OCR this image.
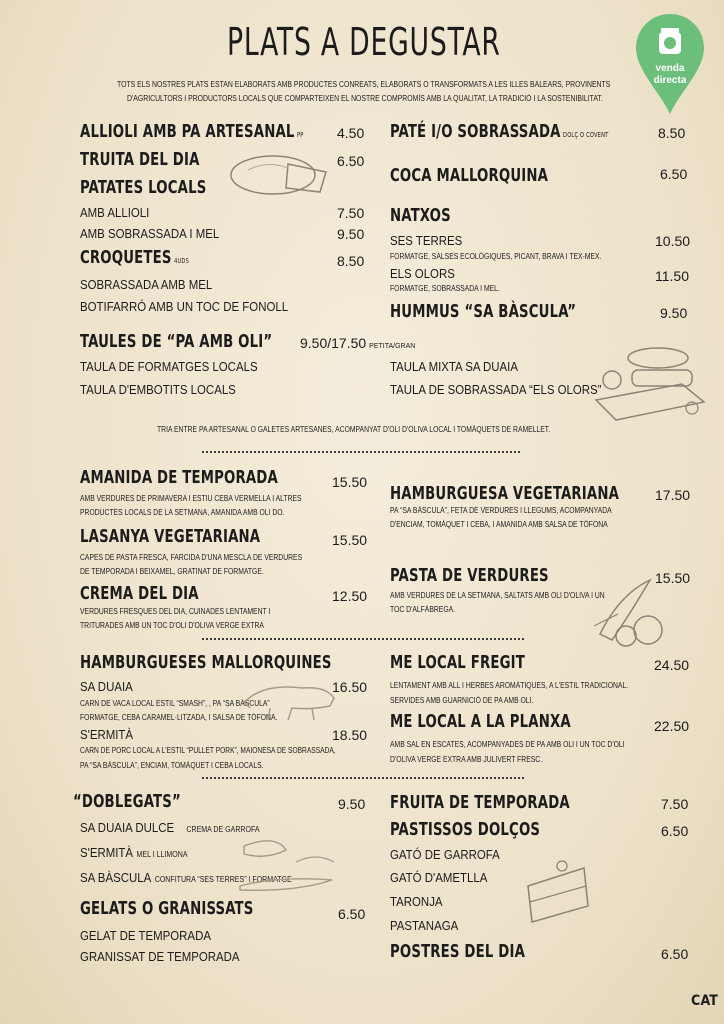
PLATS A DEGUSTAR
TOTS ELS NOSTRES PLATS ESTAN ELABORATS AMB PRODUCTES CONREATS, ELABORATS O TRANSFORMATS A LES ILLES BALEARS, PROVINENTS
D'AGRICULTORS I PRODUCTORS LOCALS QUE COMPARTEIXEN EL NOSTRE COMPROMÍS AMB LA QUALITAT, LA TRADICIÓ I LA SOSTENIBILITAT.
venda
directa
ALLIOLI AMB PA ARTESANAL PP 4.50
TRUITA DEL DIA	6.50
PATATES LOCALS
AMB ALLIOLI	7.50
AMB SOBRASSADA I MEL	9.50
CROQUETES 4UDS	8.50
SOBRASSADA AMB MEL
BOTIFARRÓ AMB UN TOC DE FONOLL
PATÉ I/O SOBRASSADA DOLÇ O COVENT	8.50
COCA MALLORQUINA	6.50
NATXOS
SES TERRES	10.50
FORMATGE, SALSES ECOLÒGIQUES, PICANT, BRAVA I TEX-MEX.
ELS OLORS	11.50
FORMATGE, SOBRASSADA I MEL.
HUMMUS “SA BÀSCULA”	9.50
TAULES DE “PA AMB OLI” 9.50/17.50 PETITA/GRAN
TAULA DE FORMATGES LOCALS
TAULA D'EMBOTITS LOCALS
TAULA MIXTA SA DUAIA
TAULA DE SOBRASSADA “ELS OLORS”
TRIA ENTRE PA ARTESANAL O GALETES ARTESANES, ACOMPANYAT D'OLI D'OLIVA LOCAL I TOMÀQUETS DE RAMELLET.
AMANIDA DE TEMPORADA	15.50
AMB VERDURES DE PRIMAVERA I ESTIU CEBA VERMELLA I ALTRES
PRODUCTES LOCALS DE LA SETMANA, AMANIDA AMB OLI DO.
LASANYA VEGETARIANA	15.50
CAPES DE PASTA FRESCA, FARCIDA D'UNA MESCLA DE VERDURES
DE TEMPORADA I BEIXAMEL, GRATINAT DE FORMATGE.
CREMA DEL DIA	12.50
VERDURES FRESQUES DEL DIA, CUINADES LENTAMENT I
TRITURADES AMB UN TOC D'OLI D'OLIVA VERGE EXTRA
HAMBURGUESA VEGETARIANA	17.50
PA “SA BÀSCULA”, FETA DE VERDURES I LLEGUMS, ACOMPANYADA
D'ENCIAM, TOMÀQUET I CEBA, I AMANIDA AMB SALSA DE TÒFONA
PASTA DE VERDURES	15.50
AMB VERDURES DE LA SETMANA, SALTATS AMB OLI D'OLIVA I UN
TOC D'ALFÀBREGA.
HAMBURGUESES MALLORQUINES
SA DUAIA	16.50
CARN DE VACA LOCAL ESTIL “SMASH”, , PA “SA BÀSCULA”
FORMATGE, CEBA CARAMEL·LITZADA, I SALSA DE TÒFONA.
S'ERMITÀ	18.50
CARN DE PORC LOCAL A L'ESTIL “PULLET PORK”, MAIONESA DE SOBRASSADA,
PA “SA BÀSCULA”, ENCIAM, TOMÀQUET I CEBA LOCALS.
ME LOCAL FREGIT	24.50
LENTAMENT AMB ALL I HERBES AROMÀTIQUES, A L'ESTIL TRADICIONAL.
SERVIDES AMB GUARNICIÓ DE PA AMB OLI.
ME LOCAL A LA PLANXA	22.50
AMB SAL EN ESCATES, ACOMPANYADES DE PA AMB OLI I UN TOC D'OLI
D'OLIVA VERGE EXTRA AMB JULIVERT FRESC.
“DOBLEGATS”	9.50
SA DUAIA DULCE CREMA DE GARROFA
S'ERMITÀ MEL I LLIMONA
SA BÀSCULA CONFITURA “SES TERRES” I FORMATGE
GELATS O GRANISSATS	6.50
GELAT DE TEMPORADA
GRANISSAT DE TEMPORADA
FRUITA DE TEMPORADA	7.50
PASTISSOS DOLÇOS	6.50
GATÓ DE GARROFA
GATÓ D'AMETLLA
TARONJA
PASTANAGA
POSTRES DEL DIA	6.50
CAT
